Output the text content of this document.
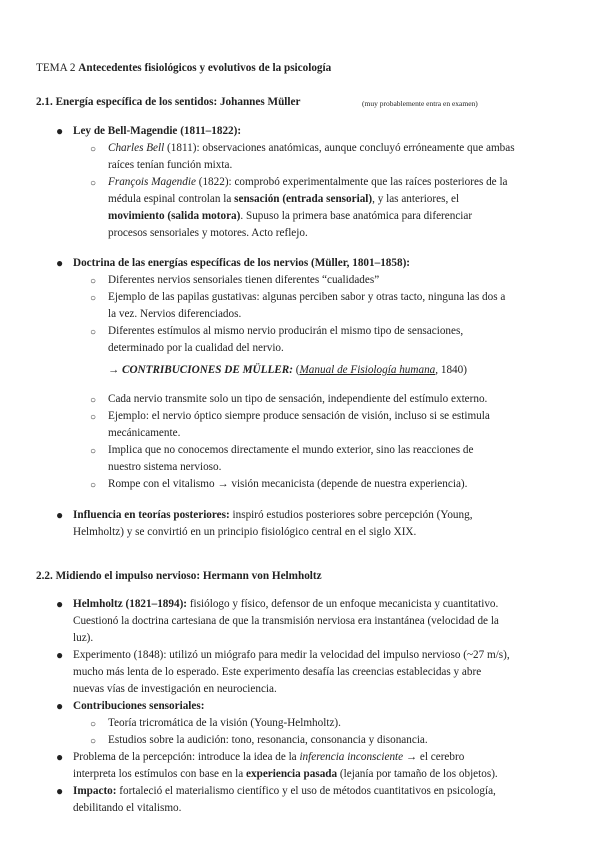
TEMA 2 Antecedentes fisiológicos y evolutivos de la psicología
2.1. Energía específica de los sentidos: Johannes Müller	(muy probablemente entra en examen)
● Ley de Bell-Magendie (1811–1822):
○ Charles Bell (1811): observaciones anatómicas, aunque concluyó erróneamente que ambas
raíces tenían función mixta.
○ François Magendie (1822): comprobó experimentalmente que las raíces posteriores de la
médula espinal controlan la sensación (entrada sensorial), y las anteriores, el
movimiento (salida motora). Supuso la primera base anatómica para diferenciar
procesos sensoriales y motores. Acto reflejo.
● Doctrina de las energías específicas de los nervios (Müller, 1801–1858):
○ Diferentes nervios sensoriales tienen diferentes “cualidades”
○ Ejemplo de las papilas gustativas: algunas perciben sabor y otras tacto, ninguna las dos a
la vez. Nervios diferenciados.
○ Diferentes estímulos al mismo nervio producirán el mismo tipo de sensaciones,
determinado por la cualidad del nervio.
→ CONTRIBUCIONES DE MÜLLER: (Manual de Fisiología humana, 1840)
○ Cada nervio transmite solo un tipo de sensación, independiente del estímulo externo.
○ Ejemplo: el nervio óptico siempre produce sensación de visión, incluso si se estimula
mecánicamente.
○ Implica que no conocemos directamente el mundo exterior, sino las reacciones de
nuestro sistema nervioso.
○ Rompe con el vitalismo → visión mecanicista (depende de nuestra experiencia).
● Influencia en teorías posteriores: inspiró estudios posteriores sobre percepción (Young,
Helmholtz) y se convirtió en un principio fisiológico central en el siglo XIX.
2.2. Midiendo el impulso nervioso: Hermann von Helmholtz
● Helmholtz (1821–1894): fisiólogo y físico, defensor de un enfoque mecanicista y cuantitativo.
Cuestionó la doctrina cartesiana de que la transmisión nerviosa era instantánea (velocidad de la
luz).
● Experimento (1848): utilizó un miógrafo para medir la velocidad del impulso nervioso (~27 m/s),
mucho más lenta de lo esperado. Este experimento desafía las creencias establecidas y abre
nuevas vías de investigación en neurociencia.
● Contribuciones sensoriales:
○ Teoría tricromática de la visión (Young-Helmholtz).
○ Estudios sobre la audición: tono, resonancia, consonancia y disonancia.
● Problema de la percepción: introduce la idea de la inferencia inconsciente → el cerebro
interpreta los estímulos con base en la experiencia pasada (lejanía por tamaño de los objetos).
● Impacto: fortaleció el materialismo científico y el uso de métodos cuantitativos en psicología,
debilitando el vitalismo.
